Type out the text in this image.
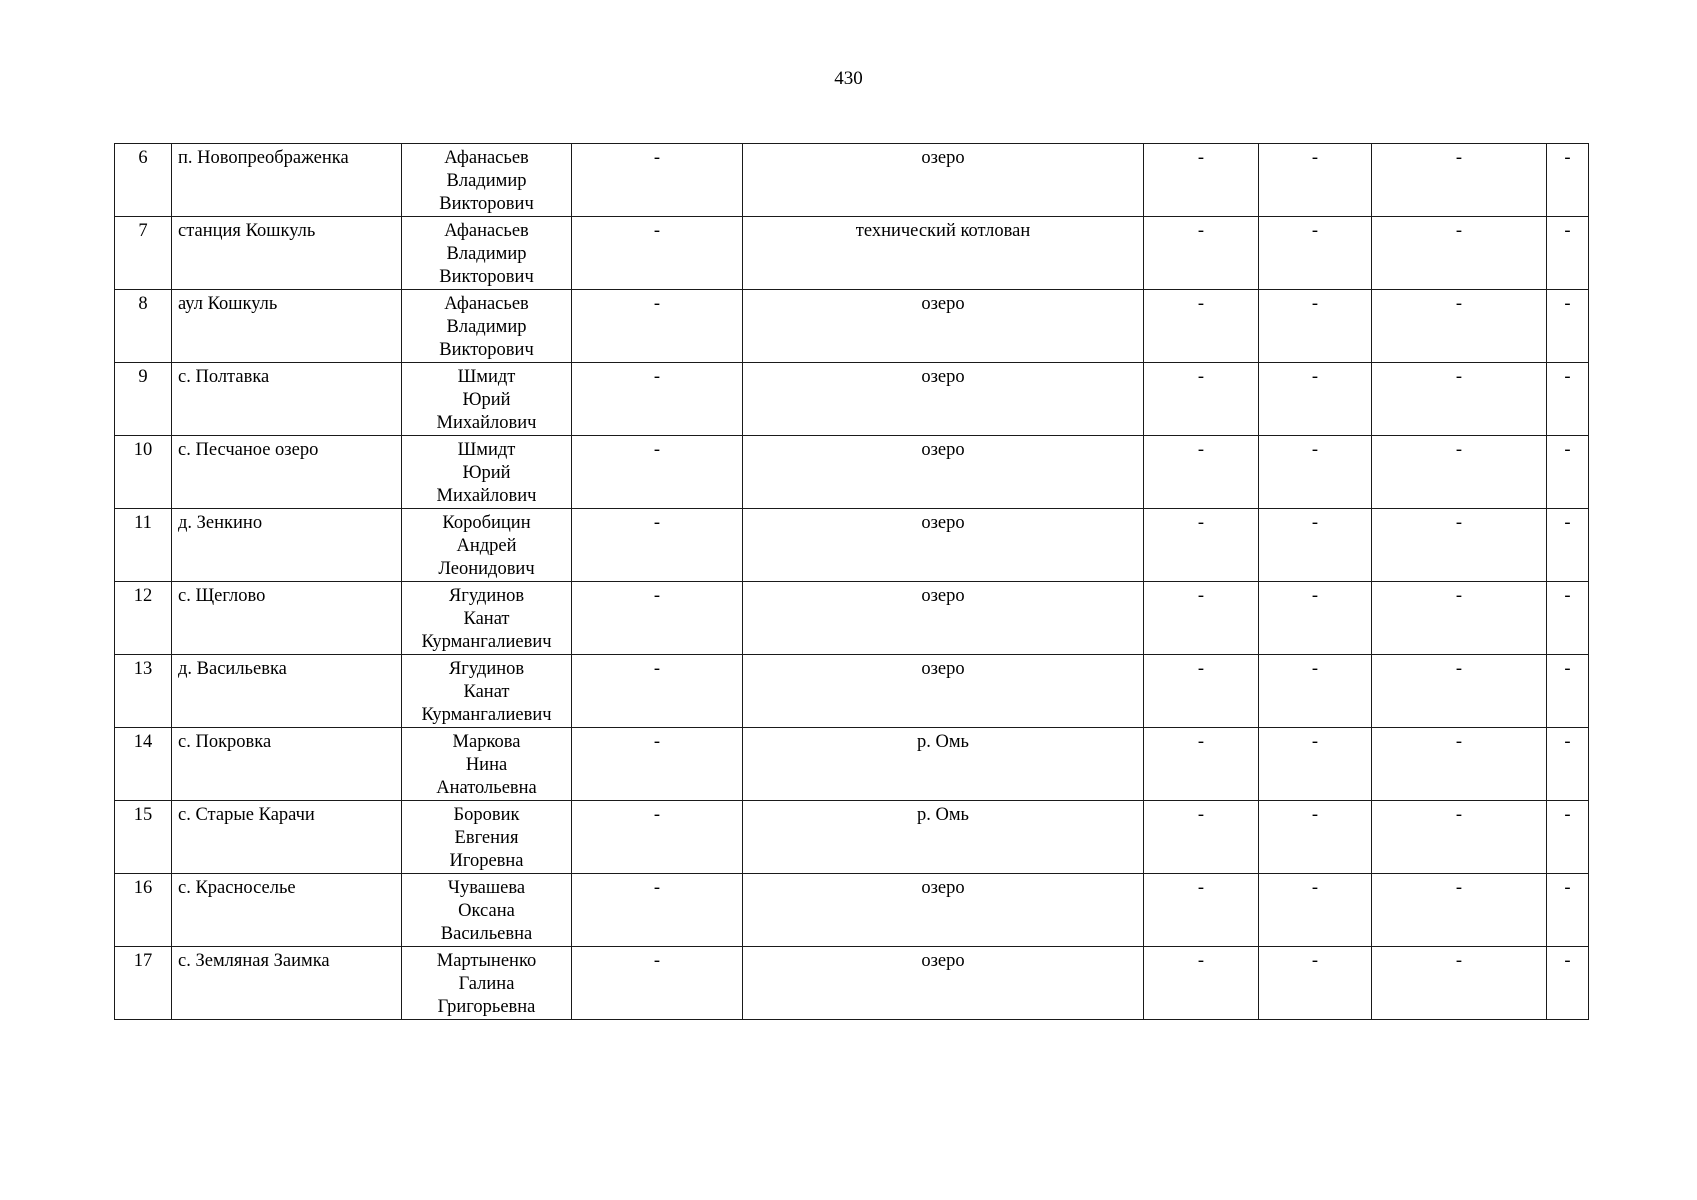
430
6	п. Новопреображенка	Афанасьев
Владимир
Викторович	-	озеро	-	-	-	-
7	станция Кошкуль	Афанасьев
Владимир
Викторович	-	технический котлован	-	-	-	-
8	аул Кошкуль	Афанасьев
Владимир
Викторович	-	озеро	-	-	-	-
9	с. Полтавка	Шмидт
Юрий
Михайлович	-	озеро	-	-	-	-
10	с. Песчаное озеро	Шмидт
Юрий
Михайлович	-	озеро	-	-	-	-
11	д. Зенкино	Коробицин
Андрей
Леонидович	-	озеро	-	-	-	-
12	с. Щеглово	Ягудинов
Канат
Курмангалиевич	-	озеро	-	-	-	-
13	д. Васильевка	Ягудинов
Канат
Курмангалиевич	-	озеро	-	-	-	-
14	с. Покровка	Маркова
Нина
Анатольевна	-	р. Омь	-	-	-	-
15	с. Старые Карачи	Боровик
Евгения
Игоревна	-	р. Омь	-	-	-	-
16	с. Красноселье	Чувашева
Оксана
Васильевна	-	озеро	-	-	-	-
17	с. Земляная Заимка	Мартыненко
Галина
Григорьевна	-	озеро	-	-	-	-
